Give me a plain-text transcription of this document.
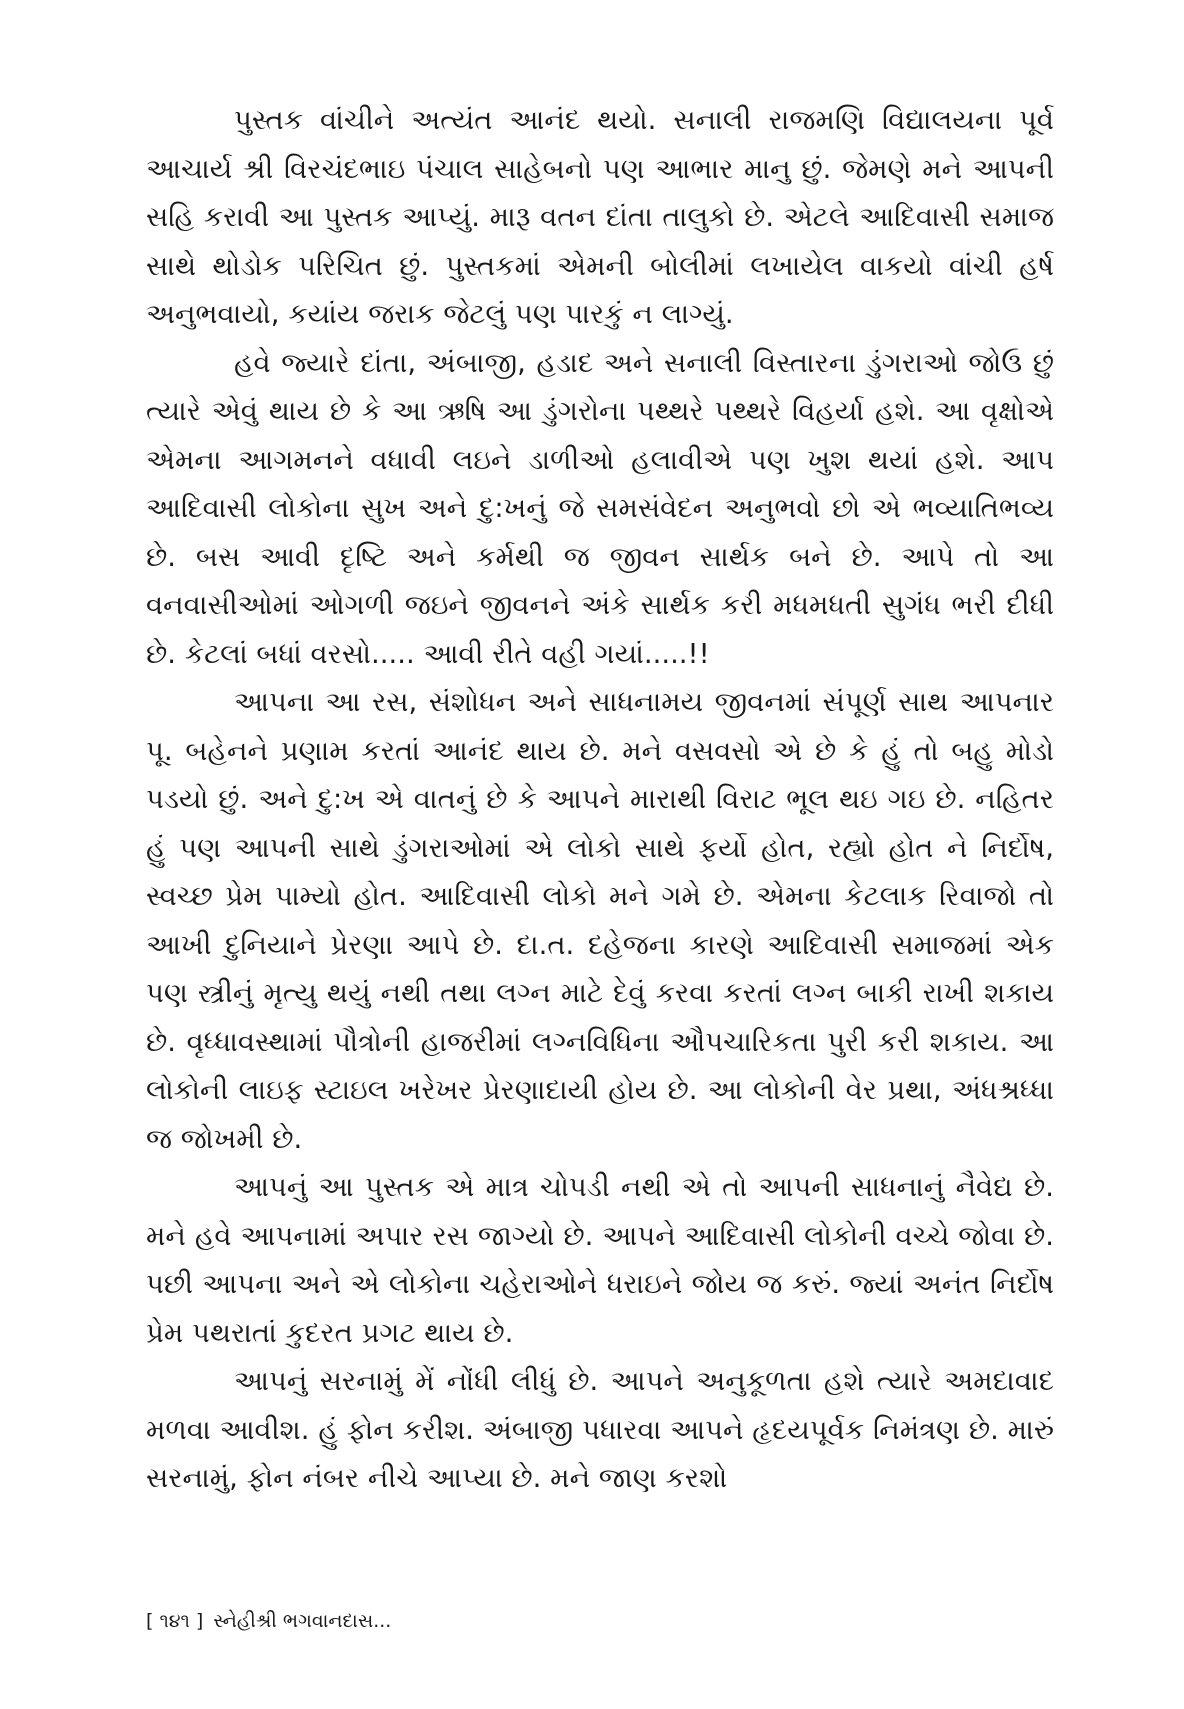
પુસ્તક વાંચીને અત્યંત આનંદ થયો. સનાલી રાજમણિ વિદ્યાલયના પૂર્વ આચાર્ય શ્રી વિરચંદભાઇ પંચાલ સાહેબનો પણ આભાર માનુ છું. જેમણે મને આપની સહિ કરાવી આ પુસ્તક આપ્યું. મારૂ વતન દાંતા તાલુકો છે. એટલે આદિવાસી સમાજ સાથે થોડોક પરિચિત છું. પુસ્તકમાં એમની બોલીમાં લખાયેલ વાકયો વાંચી હર્ષ અનુભવાયો, કયાંય જરાક જેટલું પણ પારકું ન લાગ્યું.

હવે જ્યારે દાંતા, અંબાજી, હડાદ અને સનાલી વિસ્તારના ડુંગરાઓ જોઉ છું ત્યારે એવું થાય છે કે આ ઋષિ આ ડુંગરોના પથ્થરે પથ્થરે વિહર્યા હશે. આ વૃક્ષોએ એમના આગમનને વધાવી લઇને ડાળીઓ હલાવીએ પણ ખુશ થયાં હશે. આપ આદિવાસી લોકોના સુખ અને દુ:ખનું જે સમસંવેદન અનુભવો છો એ ભવ્યાતિભવ્ય છે. બસ આવી દૃષ્ટિ અને કર્મથી જ જીવન સાર્થક બને છે. આપે તો આ વનવાસીઓમાં ઓગળી જઇને જીવનને અંકે સાર્થક કરી મધમધતી સુગંધ ભરી દીધી છે. કેટલાં બધાં વરસો..... આવી રીતે વહી ગયાં.....!!

આપના આ રસ, સંશોધન અને સાધનામય જીવનમાં સંપૂર્ણ સાથ આપનાર પૂ. બહેનને પ્રણામ કરતાં આનંદ થાય છે. મને વસવસો એ છે કે હું તો બહુ મોડો પડયો છું. અને દુ:ખ એ વાતનું છે કે આપને મારાથી વિરાટ ભૂલ થઇ ગઇ છે. નહિતર હું પણ આપની સાથે ડુંગરાઓમાં એ લોકો સાથે ફર્યો હોત, રહ્યો હોત ને નિર્દોષ, સ્વચ્છ પ્રેમ પામ્યો હોત. આદિવાસી લોકો મને ગમે છે. એમના કેટલાક રિવાજો તો આખી દુનિયાને પ્રેરણા આપે છે. દા.ત. દહેજના કારણે આદિવાસી સમાજમાં એક પણ સ્ત્રીનું મૃત્યુ થયું નથી તથા લગ્ન માટે દેવું કરવા કરતાં લગ્ન બાકી રાખી શકાય છે. વૃધ્ધાવસ્થામાં પૌત્રોની હાજરીમાં લગ્નવિધિના ઔપચારિકતા પુરી કરી શકાય. આ લોકોની લાઇફ સ્ટાઇલ ખરેખર પ્રેરણાદાયી હોય છે. આ લોકોની વેર પ્રથા, અંધશ્રધ્ધા જ જોખમી છે.

આપનું આ પુસ્તક એ માત્ર ચોપડી નથી એ તો આપની સાધનાનું નૈવેદ્ય છે. મને હવે આપનામાં અપાર રસ જાગ્યો છે. આપને આદિવાસી લોકોની વચ્ચે જોવા છે. પછી આપના અને એ લોકોના ચહેરાઓને ધરાઇને જોય જ કરું. જ્યાં અનંત નિર્દોષ પ્રેમ પથરાતાં કુદરત પ્રગટ થાય છે.

આપનું સરનામું મેં નોંધી લીધું છે. આપને અનુકૂળતા હશે ત્યારે અમદાવાદ મળવા આવીશ. હું ફોન કરીશ. અંબાજી પધારવા આપને હૃદયપૂર્વક નિમંત્રણ છે. મારું સરનામું, ફોન નંબર નીચે આપ્યા છે. મને જાણ કરશો

[ ૧૪૧ ] સ્નેહીશ્રી ભગવાનદાસ...
